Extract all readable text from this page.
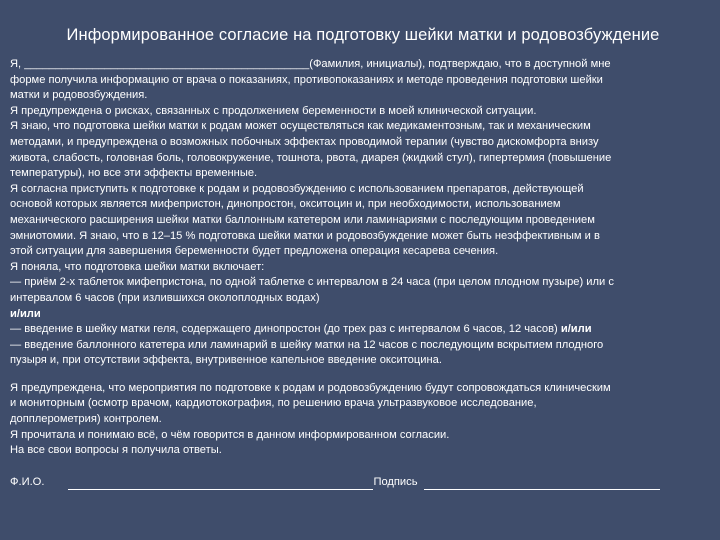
Информированное согласие на подготовку шейки матки и родовозбуждение
Я, ______________________________________________(Фамилия, инициалы), подтверждаю, что в доступной мне
форме получила информацию от врача о показаниях, противопоказаниях и методе проведения подготовки шейки
матки и родовозбуждения.
Я предупреждена о рисках, связанных с продолжением беременности в моей клинической ситуации.
Я знаю, что подготовка шейки матки к родам может осуществляться как медикаментозным, так и механическим
методами, и предупреждена о возможных побочных эффектах проводимой терапии (чувство дискомфорта внизу
живота, слабость, головная боль, головокружение, тошнота, рвота, диарея (жидкий стул), гипертермия (повышение
температуры), но все эти эффекты временные.
Я согласна приступить к подготовке к родам и родовозбуждению с использованием препаратов, действующей
основой которых является мифепристон, динопростон, окситоцин и, при необходимости, использованием
механического расширения шейки матки баллонным катетером или ламинариями с последующим проведением
эмниотомии. Я знаю, что в 12–15 % подготовка шейки матки и родовозбуждение может быть неэффективным и в
этой ситуации для завершения беременности будет предложена операция кесарева сечения.
Я поняла, что подготовка шейки матки включает:
— приём 2-х таблеток мифепристона, по одной таблетке с интервалом в 24 часа (при целом плодном пузыре) или с
интервалом 6 часов (при излившихся околоплодных водах)
и/или
— введение в шейку матки геля, содержащего динопростон (до трех раз с интервалом 6 часов, 12 часов) и/или
— введение баллонного катетера или ламинарий в шейку матки на 12 часов с последующим вскрытием плодного
пузыря и, при отсутствии эффекта, внутривенное капельное введение окситоцина.
Я предупреждена, что мероприятия по подготовке к родам и родовозбуждению будут сопровождаться клиническим
и мониторным (осмотр врачом, кардиотокография, по решению врача ультразвуковое исследование,
допплерометрия) контролем.
Я прочитала и понимаю всё, о чём говорится в данном информированном согласии.
На все свои вопросы я получила ответы.
Ф.И.О.	Подпись
